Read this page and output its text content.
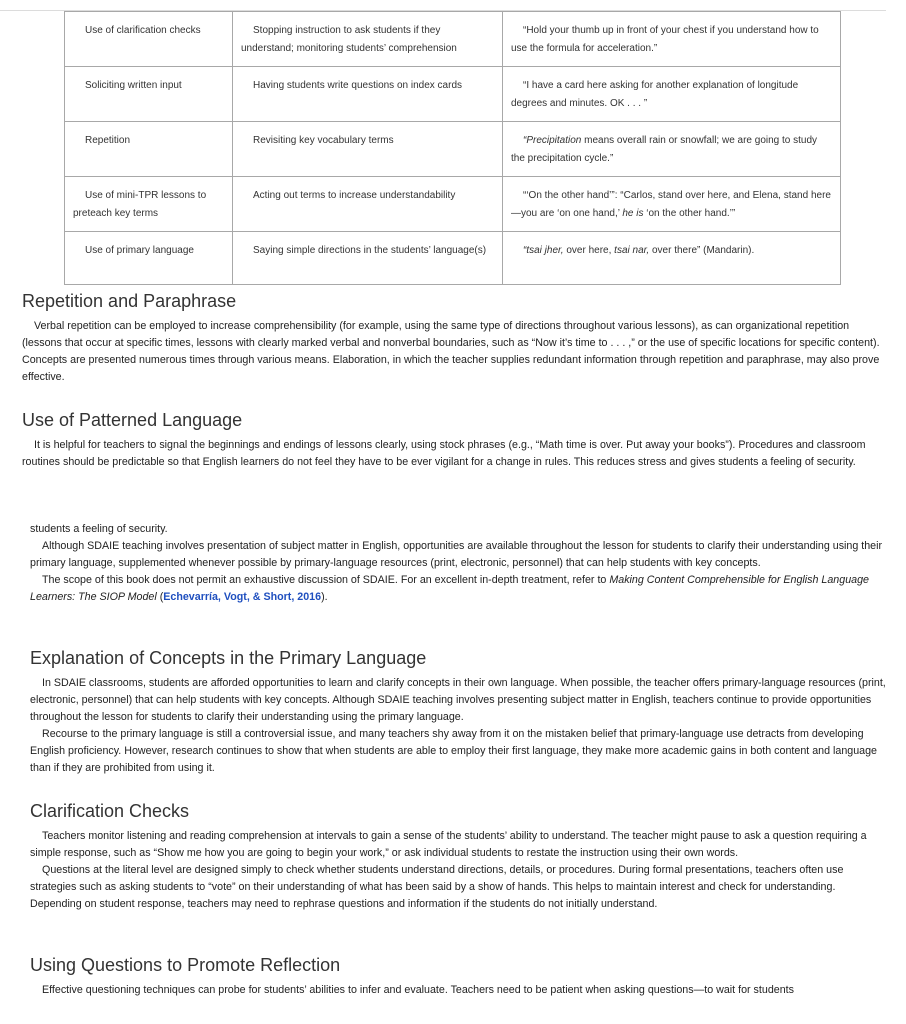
Use of clarification checks	Stopping instruction to ask students if they understand; monitoring students’ comprehension	“Hold your thumb up in front of your chest if you understand how to use the formula for acceleration.”

Soliciting written input	Having students write questions on index cards	“I have a card here asking for another explanation of longitude degrees and minutes. OK . . . ”

Repetition	Revisiting key vocabulary terms	“Precipitation means overall rain or snowfall; we are going to study the precipitation cycle.”

Use of mini-TPR lessons to preteach key terms	Acting out terms to increase understandability	“‘On the other hand’”: “Carlos, stand over here, and Elena, stand here—you are ‘on one hand,’ he is ‘on the other hand.’”

Use of primary language	Saying simple directions in the students’ language(s)	“tsai jher, over here, tsai nar, over there” (Mandarin).

Repetition and Paraphrase

Verbal repetition can be employed to increase comprehensibility (for example, using the same type of directions throughout various lessons), as can organizational repetition (lessons that occur at specific times, lessons with clearly marked verbal and nonverbal boundaries, such as “Now it’s time to . . . ,” or the use of specific locations for specific content). Concepts are presented numerous times through various means. Elaboration, in which the teacher supplies redundant information through repetition and paraphrase, may also prove effective.

Use of Patterned Language

It is helpful for teachers to signal the beginnings and endings of lessons clearly, using stock phrases (e.g., “Math time is over. Put away your books”). Procedures and classroom routines should be predictable so that English learners do not feel they have to be ever vigilant for a change in rules. This reduces stress and gives students a feeling of security.

students a feeling of security.

Although SDAIE teaching involves presentation of subject matter in English, opportunities are available throughout the lesson for students to clarify their understanding using their primary language, supplemented whenever possible by primary-language resources (print, electronic, personnel) that can help students with key concepts.

The scope of this book does not permit an exhaustive discussion of SDAIE. For an excellent in-depth treatment, refer to Making Content Comprehensible for English Language Learners: The SIOP Model (Echevarría, Vogt, & Short, 2016).

Explanation of Concepts in the Primary Language

In SDAIE classrooms, students are afforded opportunities to learn and clarify concepts in their own language. When possible, the teacher offers primary-language resources (print, electronic, personnel) that can help students with key concepts. Although SDAIE teaching involves presenting subject matter in English, teachers continue to provide opportunities throughout the lesson for students to clarify their understanding using the primary language.

Recourse to the primary language is still a controversial issue, and many teachers shy away from it on the mistaken belief that primary-language use detracts from developing English proficiency. However, research continues to show that when students are able to employ their first language, they make more academic gains in both content and language than if they are prohibited from using it.

Clarification Checks

Teachers monitor listening and reading comprehension at intervals to gain a sense of the students’ ability to understand. The teacher might pause to ask a question requiring a simple response, such as “Show me how you are going to begin your work,” or ask individual students to restate the instruction using their own words.

Questions at the literal level are designed simply to check whether students understand directions, details, or procedures. During formal presentations, teachers often use strategies such as asking students to “vote” on their understanding of what has been said by a show of hands. This helps to maintain interest and check for understanding. Depending on student response, teachers may need to rephrase questions and information if the students do not initially understand.

Using Questions to Promote Reflection

Effective questioning techniques can probe for students’ abilities to infer and evaluate. Teachers need to be patient when asking questions—to wait for students
